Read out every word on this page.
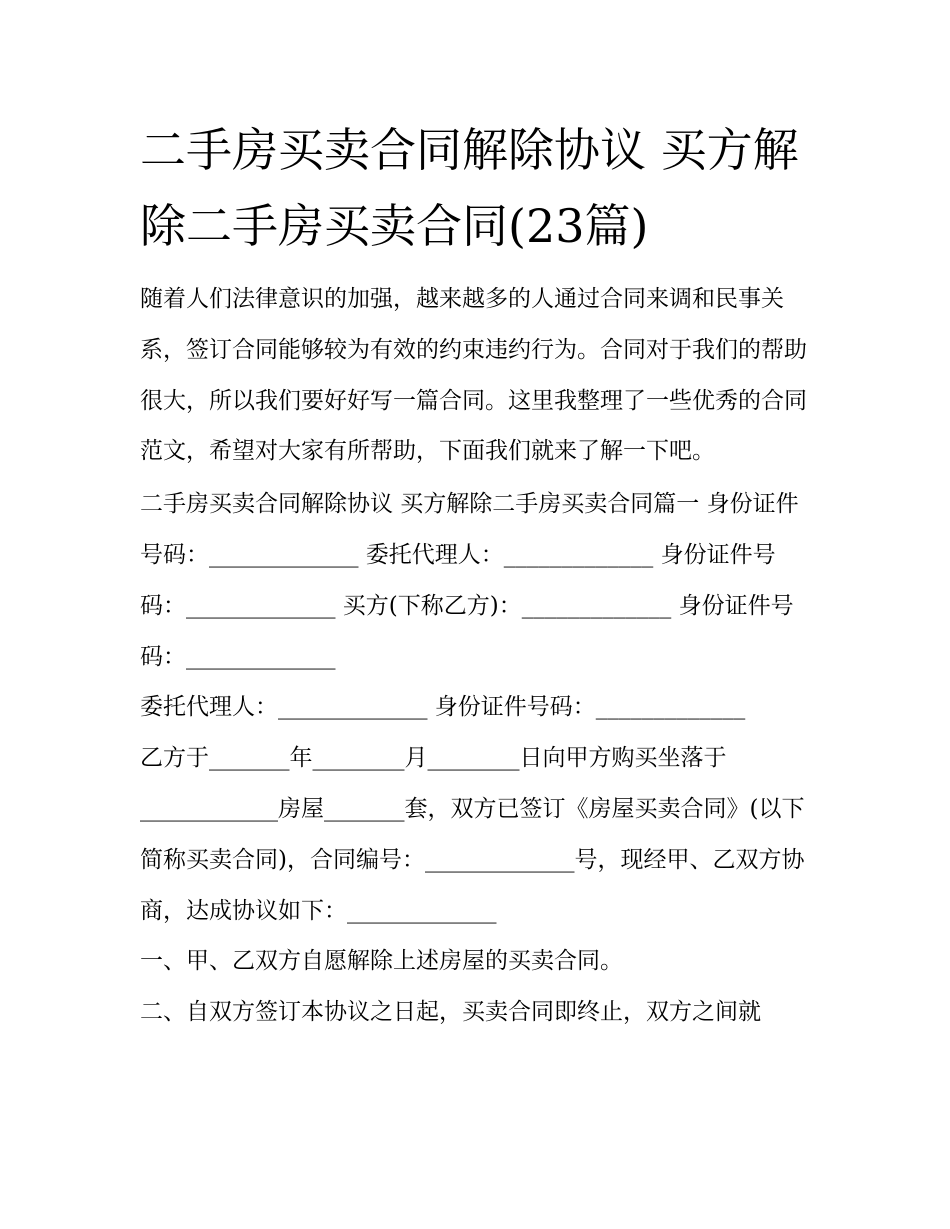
二手房买卖合同解除协议 买方解除二手房买卖合同(23篇)

随着人们法律意识的加强，越来越多的人通过合同来调和民事关系，签订合同能够较为有效的约束违约行为。合同对于我们的帮助很大，所以我们要好好写一篇合同。这里我整理了一些优秀的合同范文，希望对大家有所帮助，下面我们就来了解一下吧。

二手房买卖合同解除协议 买方解除二手房买卖合同篇一 身份证件号码：_____________ 委托代理人：_____________ 身份证件号码：_____________ 买方(下称乙方)：_____________ 身份证件号码：_____________

委托代理人：_____________ 身份证件号码：_____________

乙方于_______年________月________日向甲方购买坐落于____________房屋_______套，双方已签订《房屋买卖合同》(以下简称买卖合同)，合同编号：_____________号，现经甲、乙双方协商，达成协议如下：_____________

一、甲、乙双方自愿解除上述房屋的买卖合同。

二、自双方签订本协议之日起，买卖合同即终止，双方之间就
